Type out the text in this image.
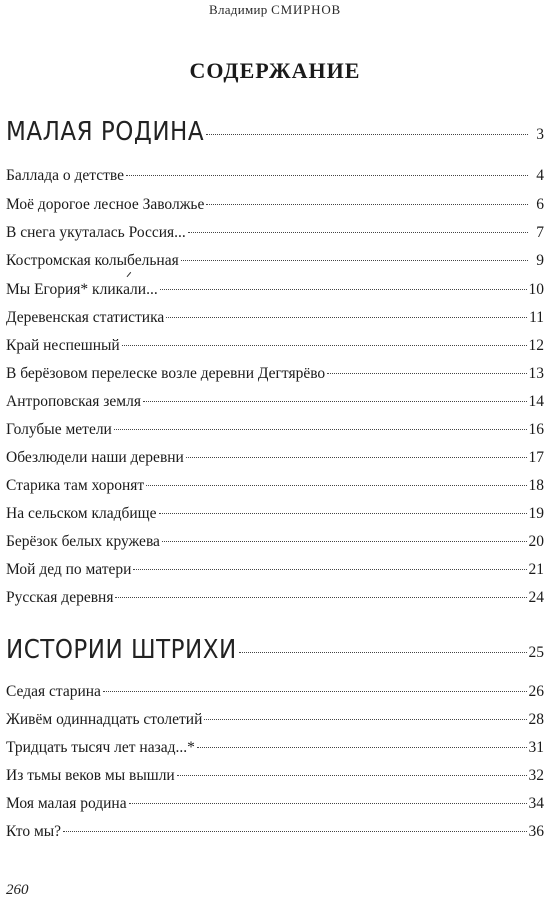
Владимир СМИРНОВ
СОДЕРЖАНИЕ
МАЛАЯ РОДИНА	3
Баллада о детстве	4
Моё дорогое лесное Заволжье	6
В снега укуталась Россия...	7
Костромская колыбельная	9
Мы Егория* кликали...	10
Деревенская статистика	11
Край неспешный	12
В берёзовом перелеске возле деревни Дегтярёво	13
Антроповская земля	14
Голубые метели	16
Обезлюдели наши деревни	17
Старика там хоронят	18
На сельском кладбище	19
Берёзок белых кружева	20
Мой дед по матери	21
Русская деревня	24
ИСТОРИИ ШТРИХИ	25
Седая старина	26
Живём одиннадцать столетий	28
Тридцать тысяч лет назад...*	31
Из тьмы веков мы вышли	32
Моя малая родина	34
Кто мы?	36
260
